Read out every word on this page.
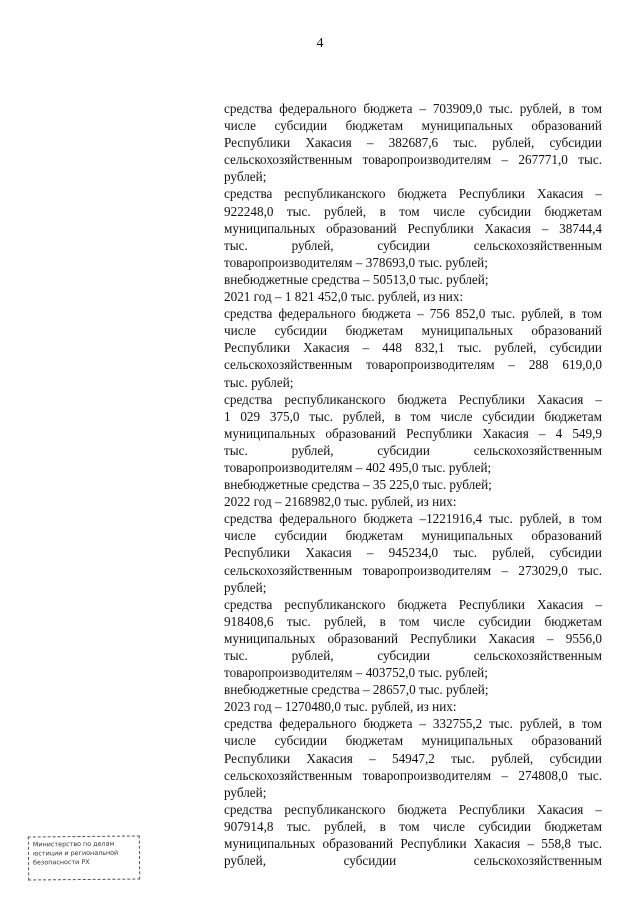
4
средства федерального бюджета – 703909,0 тыс. рублей, в том
числе субсидии бюджетам муниципальных образований
Республики Хакасия – 382687,6 тыс. рублей, субсидии
сельскохозяйственным товаропроизводителям – 267771,0 тыс.
рублей;
средства республиканского бюджета Республики Хакасия –
922248,0 тыс. рублей, в том числе субсидии бюджетам
муниципальных образований Республики Хакасия – 38744,4
тыс. рублей, субсидии сельскохозяйственным
товаропроизводителям – 378693,0 тыс. рублей;
внебюджетные средства – 50513,0 тыс. рублей;
2021 год – 1 821 452,0 тыс. рублей, из них:
средства федерального бюджета – 756 852,0 тыс. рублей, в том
числе субсидии бюджетам муниципальных образований
Республики Хакасия – 448 832,1 тыс. рублей, субсидии
сельскохозяйственным товаропроизводителям – 288 619,0,0
тыс. рублей;
средства республиканского бюджета Республики Хакасия –
1 029 375,0 тыс. рублей, в том числе субсидии бюджетам
муниципальных образований Республики Хакасия – 4 549,9
тыс. рублей, субсидии сельскохозяйственным
товаропроизводителям – 402 495,0 тыс. рублей;
внебюджетные средства – 35 225,0 тыс. рублей;
2022 год – 2168982,0 тыс. рублей, из них:
средства федерального бюджета –1221916,4 тыс. рублей, в том
числе субсидии бюджетам муниципальных образований
Республики Хакасия – 945234,0 тыс. рублей, субсидии
сельскохозяйственным товаропроизводителям – 273029,0 тыс.
рублей;
средства республиканского бюджета Республики Хакасия –
918408,6 тыс. рублей, в том числе субсидии бюджетам
муниципальных образований Республики Хакасия – 9556,0
тыс. рублей, субсидии сельскохозяйственным
товаропроизводителям – 403752,0 тыс. рублей;
внебюджетные средства – 28657,0 тыс. рублей;
2023 год – 1270480,0 тыс. рублей, из них:
средства федерального бюджета – 332755,2 тыс. рублей, в том
числе субсидии бюджетам муниципальных образований
Республики Хакасия – 54947,2 тыс. рублей, субсидии
сельскохозяйственным товаропроизводителям – 274808,0 тыс.
рублей;
средства республиканского бюджета Республики Хакасия –
907914,8 тыс. рублей, в том числе субсидии бюджетам
муниципальных образований Республики Хакасия – 558,8 тыс.
рублей, субсидии сельскохозяйственным
Министерство по делам
юстиции и региональной
безопасности РХ
